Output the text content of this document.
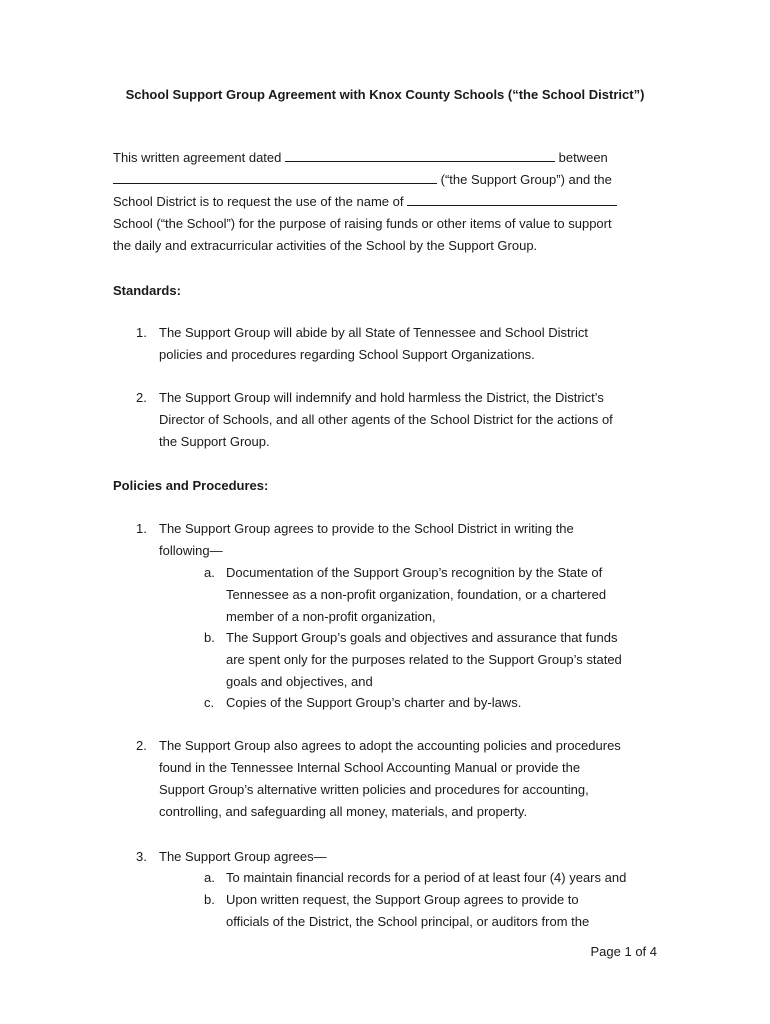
School Support Group Agreement with Knox County Schools (“the School District”)

This written agreement dated	between

(“the Support Group”) and the

School District is to request the use of the name of

School (“the School”) for the purpose of raising funds or other items of value to support

the daily and extracurricular activities of the School by the Support Group.

Standards:
1. The Support Group will abide by all State of Tennessee and School District
policies and procedures regarding School Support Organizations.
2. The Support Group will indemnify and hold harmless the District, the District’s
Director of Schools, and all other agents of the School District for the actions of
the Support Group.
Policies and Procedures:
1. The Support Group agrees to provide to the School District in writing the
following—
a. Documentation of the Support Group’s recognition by the State of
Tennessee as a non-profit organization, foundation, or a chartered
member of a non-profit organization,
b. The Support Group’s goals and objectives and assurance that funds
are spent only for the purposes related to the Support Group’s stated
goals and objectives, and
c. Copies of the Support Group’s charter and by-laws.
2. The Support Group also agrees to adopt the accounting policies and procedures
found in the Tennessee Internal School Accounting Manual or provide the
Support Group’s alternative written policies and procedures for accounting,
controlling, and safeguarding all money, materials, and property.
3. The Support Group agrees—
a. To maintain financial records for a period of at least four (4) years and
b. Upon written request, the Support Group agrees to provide to
officials of the District, the School principal, or auditors from the
Page 1 of 4
